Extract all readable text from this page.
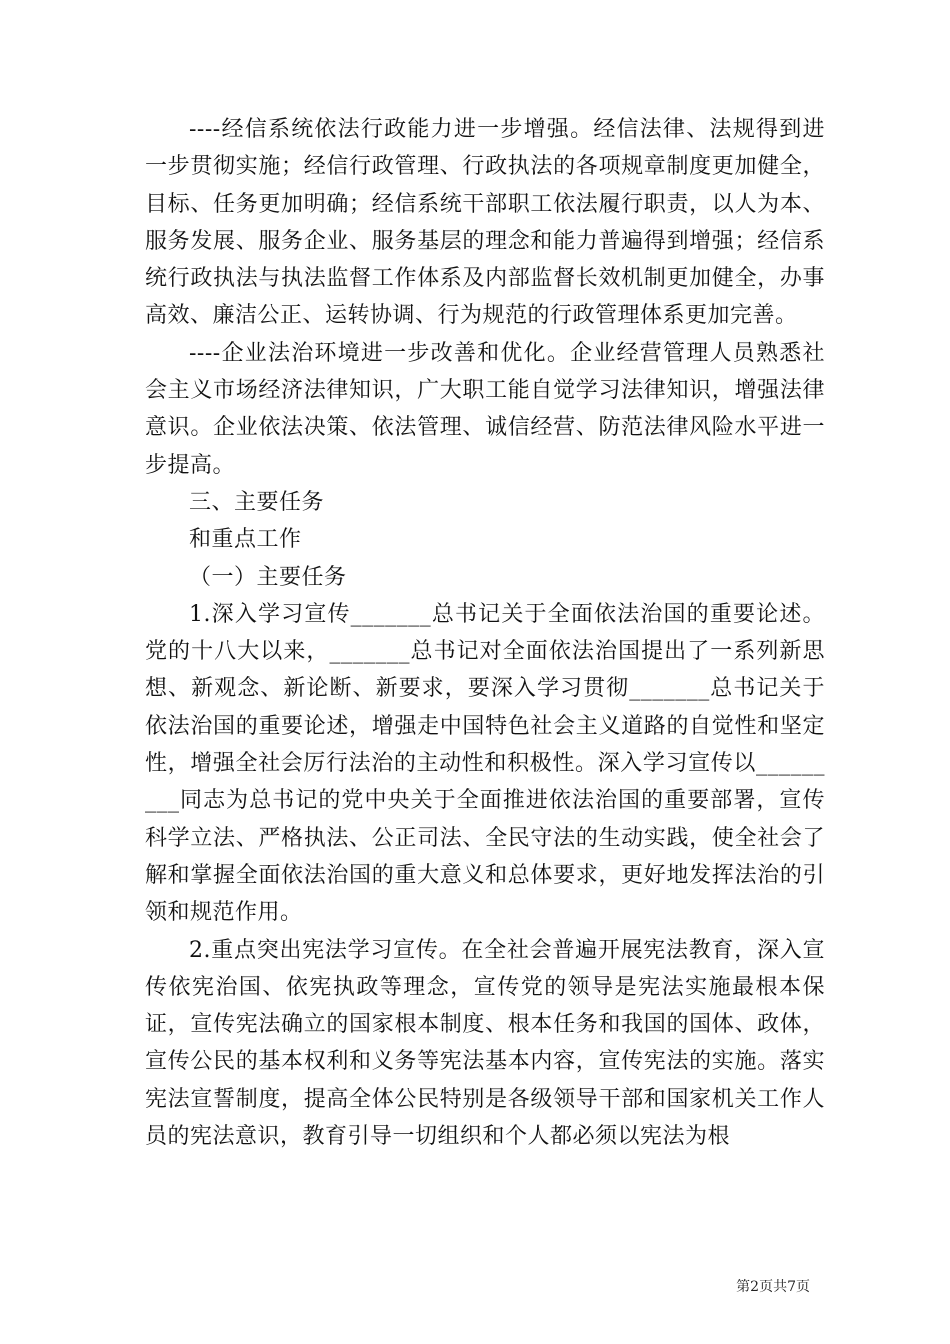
----经信系统依法行政能力进一步增强。经信法律、法规得到进一步贯彻实施；经信行政管理、行政执法的各项规章制度更加健全，目标、任务更加明确；经信系统干部职工依法履行职责，以人为本、服务发展、服务企业、服务基层的理念和能力普遍得到增强；经信系统行政执法与执法监督工作体系及内部监督长效机制更加健全，办事高效、廉洁公正、运转协调、行为规范的行政管理体系更加完善。

----企业法治环境进一步改善和优化。企业经营管理人员熟悉社会主义市场经济法律知识，广大职工能自觉学习法律知识，增强法律意识。企业依法决策、依法管理、诚信经营、防范法律风险水平进一步提高。

三、主要任务

和重点工作

（一）主要任务

1.深入学习宣传_______总书记关于全面依法治国的重要论述。党的十八大以来，_______总书记对全面依法治国提出了一系列新思想、新观念、新论断、新要求，要深入学习贯彻_______总书记关于依法治国的重要论述，增强走中国特色社会主义道路的自觉性和坚定性，增强全社会厉行法治的主动性和积极性。深入学习宣传以_________同志为总书记的党中央关于全面推进依法治国的重要部署，宣传科学立法、严格执法、公正司法、全民守法的生动实践，使全社会了解和掌握全面依法治国的重大意义和总体要求，更好地发挥法治的引领和规范作用。

2.重点突出宪法学习宣传。在全社会普遍开展宪法教育，深入宣传依宪治国、依宪执政等理念，宣传党的领导是宪法实施最根本保证，宣传宪法确立的国家根本制度、根本任务和我国的国体、政体，宣传公民的基本权利和义务等宪法基本内容，宣传宪法的实施。落实宪法宣誓制度，提高全体公民特别是各级领导干部和国家机关工作人员的宪法意识，教育引导一切组织和个人都必须以宪法为根

第2页共7页
